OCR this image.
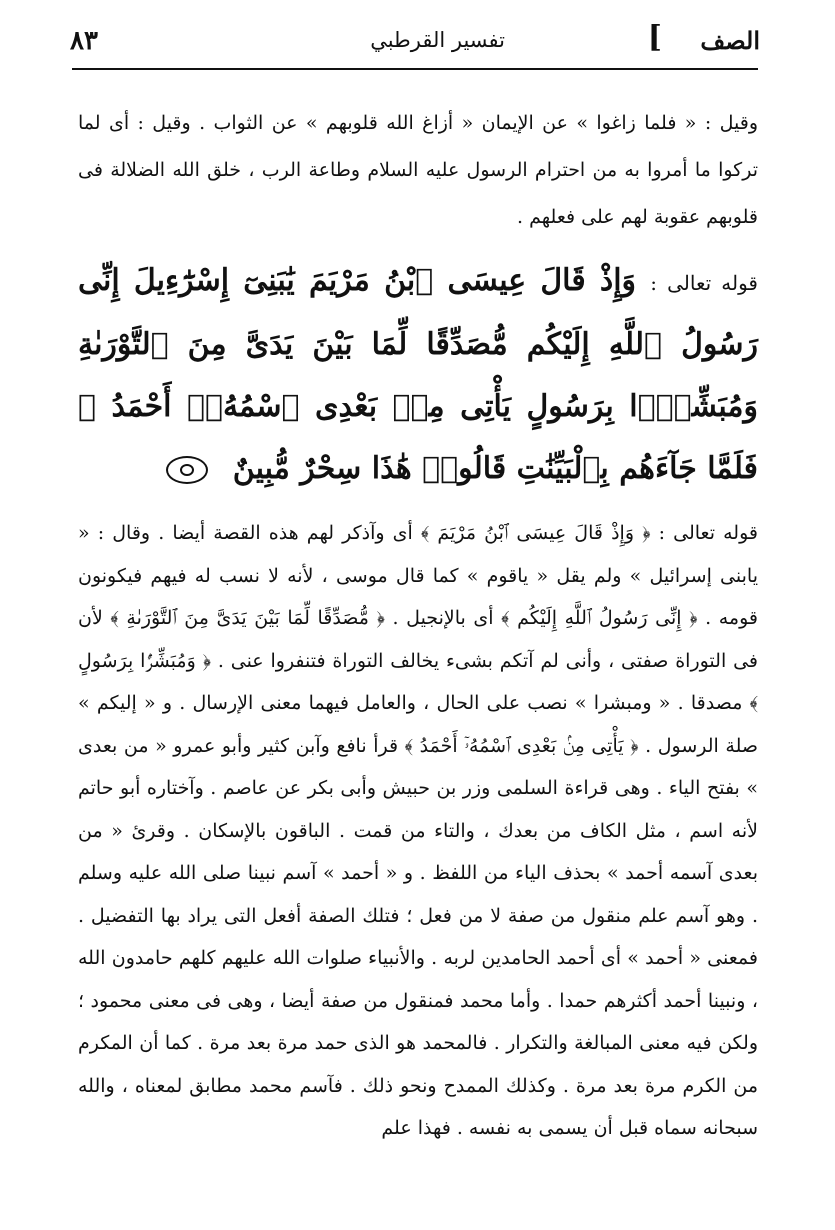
الصف
]
تفسير القرطبي
٨٣
وقيل : « فلما زاغوا » عن الإيمان « أزاغ الله قلوبهم » عن الثواب . وقيل : أى لما تركوا ما أمروا به من احترام الرسول عليه السلام وطاعة الرب ، خلق الله الضلالة فى قلوبهم عقوبة لهم على فعلهم .
قوله تعالى : وَإِذْ قَالَ عِيسَى ٱبْنُ مَرْيَمَ يَٰبَنِىٓ إِسْرَٰٓءِيلَ إِنِّى رَسُولُ ٱللَّهِ إِلَيْكُم مُّصَدِّقًا لِّمَا بَيْنَ يَدَىَّ مِنَ ٱلتَّوْرَىٰةِ وَمُبَشِّرًۢا بِرَسُولٍ يَأْتِى مِنۢ بَعْدِى ٱسْمُهُۥٓ أَحْمَدُ ۖ فَلَمَّا جَآءَهُم بِٱلْبَيِّنَٰتِ قَالُوا۟ هَٰذَا سِحْرٌ مُّبِينٌ
قوله تعالى : ﴿ وَإِذْ قَالَ عِيسَى ٱبْنُ مَرْيَمَ ﴾ أى وآذكر لهم هذه القصة أيضا . وقال : « يابنى إسرائيل » ولم يقل « ياقوم » كما قال موسى ، لأنه لا نسب له فيهم فيكونون قومه . ﴿ إِنِّى رَسُولُ ٱللَّهِ إِلَيْكُم ﴾ أى بالإنجيل . ﴿ مُّصَدِّقًا لِّمَا بَيْنَ يَدَىَّ مِنَ ٱلتَّوْرَىٰةِ ﴾ لأن فى التوراة صفتى ، وأنى لم آتكم بشىء يخالف التوراة فتنفروا عنى . ﴿ وَمُبَشِّرًۢا بِرَسُولٍ ﴾ مصدقا . « ومبشرا » نصب على الحال ، والعامل فيهما معنى الإرسال . و « إليكم » صلة الرسول . ﴿ يَأْتِى مِنۢ بَعْدِى ٱسْمُهُۥٓ أَحْمَدُ ﴾ قرأ نافع وآبن كثير وأبو عمرو « من بعدى » بفتح الياء . وهى قراءة السلمى وزر بن حبيش وأبى بكر عن عاصم . وآختاره أبو حاتم لأنه اسم ، مثل الكاف من بعدك ، والتاء من قمت . الباقون بالإسكان . وقرئ « من بعدى آسمه أحمد » بحذف الياء من اللفظ . و « أحمد » آسم نبينا صلى الله عليه وسلم . وهو آسم علم منقول من صفة لا من فعل ؛ فتلك الصفة أفعل التى يراد بها التفضيل . فمعنى « أحمد » أى أحمد الحامدين لربه . والأنبياء صلوات الله عليهم كلهم حامدون الله ، ونبينا أحمد أكثرهم حمدا . وأما محمد فمنقول من صفة أيضا ، وهى فى معنى محمود ؛ ولكن فيه معنى المبالغة والتكرار . فالمحمد هو الذى حمد مرة بعد مرة . كما أن المكرم من الكرم مرة بعد مرة . وكذلك الممدح ونحو ذلك . فآسم محمد مطابق لمعناه ، والله سبحانه سماه قبل أن يسمى به نفسه . فهذا علم
